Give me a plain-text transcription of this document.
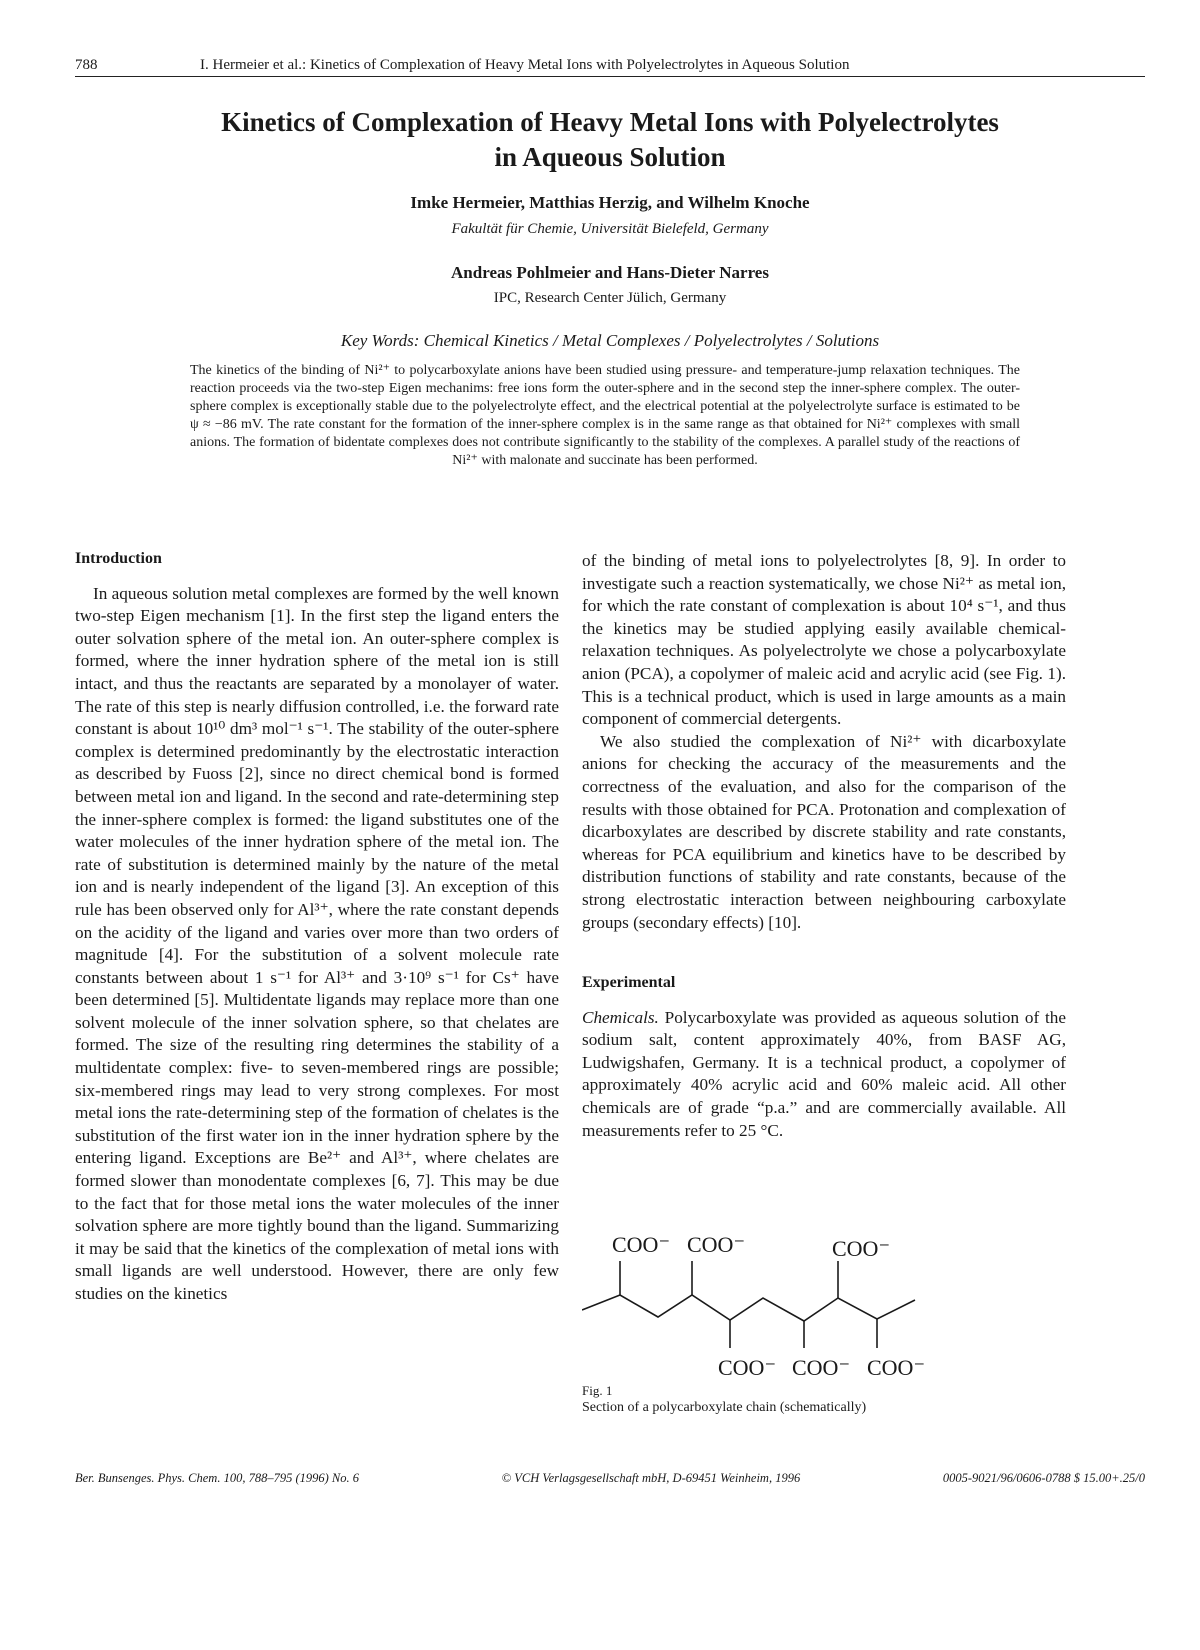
788	I. Hermeier et al.: Kinetics of Complexation of Heavy Metal Ions with Polyelectrolytes in Aqueous Solution
Kinetics of Complexation of Heavy Metal Ions with Polyelectrolytes
in Aqueous Solution
Imke Hermeier, Matthias Herzig, and Wilhelm Knoche
Fakultät für Chemie, Universität Bielefeld, Germany
Andreas Pohlmeier and Hans-Dieter Narres
IPC, Research Center Jülich, Germany
Key Words: Chemical Kinetics / Metal Complexes / Polyelectrolytes / Solutions
The kinetics of the binding of Ni²⁺ to polycarboxylate anions have been studied using pressure- and temperature-jump relaxation techniques. The reaction proceeds via the two-step Eigen mechanims: free ions form the outer-sphere and in the second step the inner-sphere complex. The outer-sphere complex is exceptionally stable due to the polyelectrolyte effect, and the electrical potential at the polyelectrolyte surface is estimated to be ψ ≈ −86 mV. The rate constant for the formation of the inner-sphere complex is in the same range as that obtained for Ni²⁺ complexes with small anions. The formation of bidentate complexes does not contribute significantly to the stability of the complexes. A parallel study of the reactions of Ni²⁺ with malonate and succinate has been performed.
Introduction

In aqueous solution metal complexes are formed by the well known two-step Eigen mechanism [1]. In the first step the ligand enters the outer solvation sphere of the metal ion. An outer-sphere complex is formed, where the inner hydration sphere of the metal ion is still intact, and thus the reactants are separated by a monolayer of water. The rate of this step is nearly diffusion controlled, i.e. the forward rate constant is about 10¹⁰ dm³ mol⁻¹ s⁻¹. The stability of the outer-sphere complex is determined predominantly by the electrostatic interaction as described by Fuoss [2], since no direct chemical bond is formed between metal ion and ligand. In the second and rate-determining step the inner-sphere complex is formed: the ligand substitutes one of the water molecules of the inner hydration sphere of the metal ion. The rate of substitution is determined mainly by the nature of the metal ion and is nearly independent of the ligand [3]. An exception of this rule has been observed only for Al³⁺, where the rate constant depends on the acidity of the ligand and varies over more than two orders of magnitude [4]. For the substitution of a solvent molecule rate constants between about 1 s⁻¹ for Al³⁺ and 3·10⁹ s⁻¹ for Cs⁺ have been determined [5]. Multidentate ligands may replace more than one solvent molecule of the inner solvation sphere, so that chelates are formed. The size of the resulting ring determines the stability of a multidentate complex: five- to seven-membered rings are possible; six-membered rings may lead to very strong complexes. For most metal ions the rate-determining step of the formation of chelates is the substitution of the first water ion in the inner hydration sphere by the entering ligand. Exceptions are Be²⁺ and Al³⁺, where chelates are formed slower than monodentate complexes [6, 7]. This may be due to the fact that for those metal ions the water molecules of the inner solvation sphere are more tightly bound than the ligand. Summarizing it may be said that the kinetics of the complexation of metal ions with small ligands are well understood. However, there are only few studies on the kinetics

of the binding of metal ions to polyelectrolytes [8, 9]. In order to investigate such a reaction systematically, we chose Ni²⁺ as metal ion, for which the rate constant of complexation is about 10⁴ s⁻¹, and thus the kinetics may be studied applying easily available chemical-relaxation techniques. As polyelectrolyte we chose a polycarboxylate anion (PCA), a copolymer of maleic acid and acrylic acid (see Fig. 1). This is a technical product, which is used in large amounts as a main component of commercial detergents.

We also studied the complexation of Ni²⁺ with dicarboxylate anions for checking the accuracy of the measurements and the correctness of the evaluation, and also for the comparison of the results with those obtained for PCA. Protonation and complexation of dicarboxylates are described by discrete stability and rate constants, whereas for PCA equilibrium and kinetics have to be described by distribution functions of stability and rate constants, because of the strong electrostatic interaction between neighbouring carboxylate groups (secondary effects) [10].

Experimental

Chemicals. Polycarboxylate was provided as aqueous solution of the sodium salt, content approximately 40%, from BASF AG, Ludwigshafen, Germany. It is a technical product, a copolymer of approximately 40% acrylic acid and 60% maleic acid. All other chemicals are of grade “p.a.” and are commercially available. All measurements refer to 25 °C.

COO⁻ COO⁻	COO⁻
COO⁻ COO⁻ COO⁻
Fig. 1
Section of a polycarboxylate chain (schematically)
Ber. Bunsenges. Phys. Chem. 100, 788–795 (1996) No. 6	© VCH Verlagsgesellschaft mbH, D-69451 Weinheim, 1996	0005-9021/96/0606-0788 $ 15.00+.25/0
